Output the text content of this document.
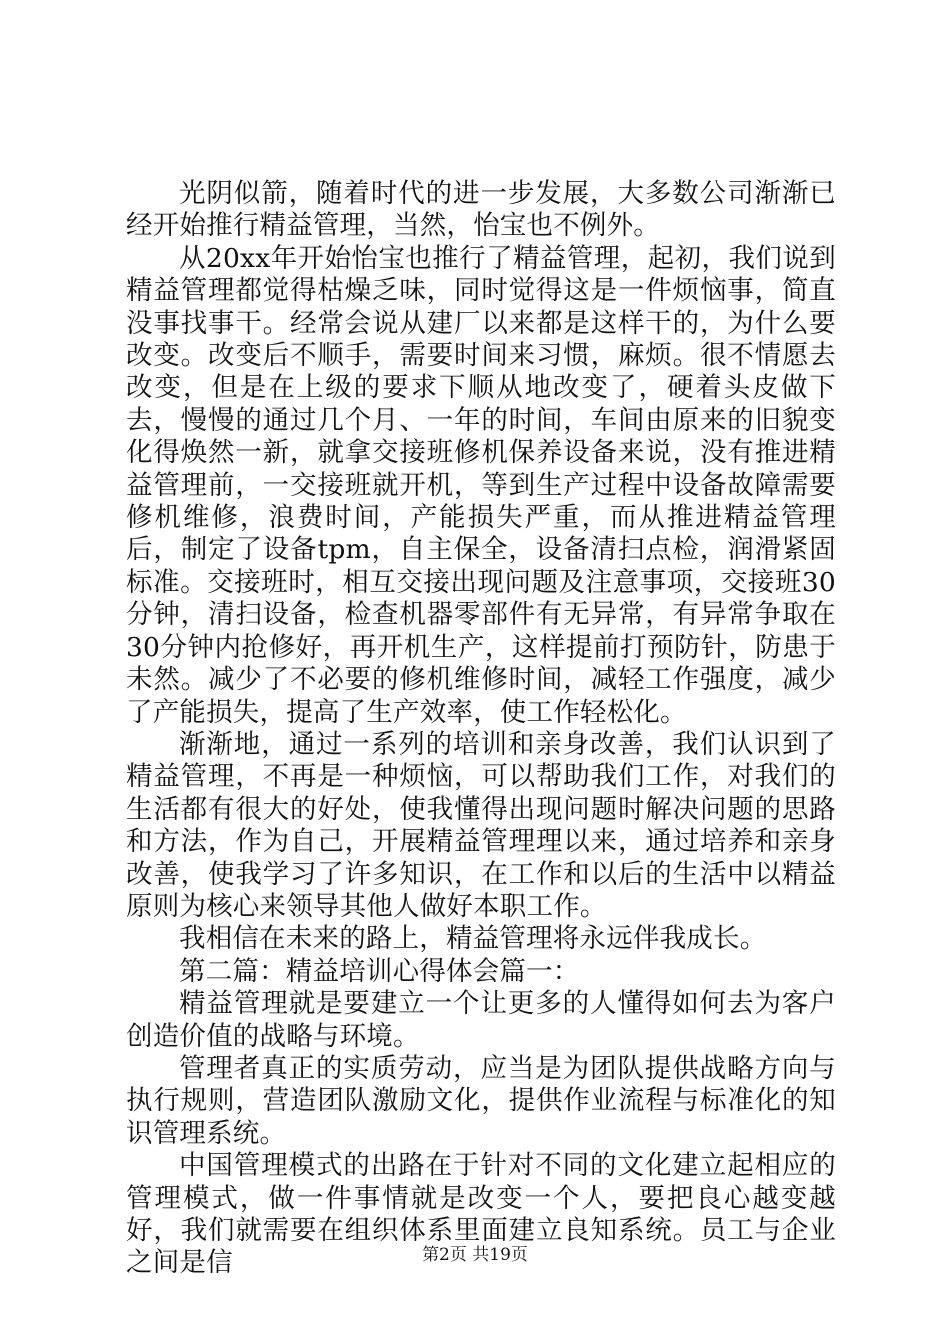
光阴似箭，随着时代的进一步发展，大多数公司渐渐已经开始推行精益管理，当然，怡宝也不例外。

从20xx年开始怡宝也推行了精益管理，起初，我们说到精益管理都觉得枯燥乏味，同时觉得这是一件烦恼事，简直没事找事干。经常会说从建厂以来都是这样干的，为什么要改变。改变后不顺手，需要时间来习惯，麻烦。很不情愿去改变，但是在上级的要求下顺从地改变了，硬着头皮做下去，慢慢的通过几个月、一年的时间，车间由原来的旧貌变化得焕然一新，就拿交接班修机保养设备来说，没有推进精益管理前，一交接班就开机，等到生产过程中设备故障需要修机维修，浪费时间，产能损失严重，而从推进精益管理后，制定了设备tpm，自主保全，设备清扫点检，润滑紧固标准。交接班时，相互交接出现问题及注意事项，交接班30分钟，清扫设备，检查机器零部件有无异常，有异常争取在30分钟内抢修好，再开机生产，这样提前打预防针，防患于未然。减少了不必要的修机维修时间，减轻工作强度，减少了产能损失，提高了生产效率，使工作轻松化。

渐渐地，通过一系列的培训和亲身改善，我们认识到了精益管理，不再是一种烦恼，可以帮助我们工作，对我们的生活都有很大的好处，使我懂得出现问题时解决问题的思路和方法，作为自己，开展精益管理理以来，通过培养和亲身改善，使我学习了许多知识，在工作和以后的生活中以精益原则为核心来领导其他人做好本职工作。

我相信在未来的路上，精益管理将永远伴我成长。

第二篇：精益培训心得体会篇一：

精益管理就是要建立一个让更多的人懂得如何去为客户创造价值的战略与环境。

管理者真正的实质劳动，应当是为团队提供战略方向与执行规则，营造团队激励文化，提供作业流程与标准化的知识管理系统。

中国管理模式的出路在于针对不同的文化建立起相应的管理模式，做一件事情就是改变一个人，要把良心越变越好，我们就需要在组织体系里面建立良知系统。员工与企业之间是信	第2页 共19页
